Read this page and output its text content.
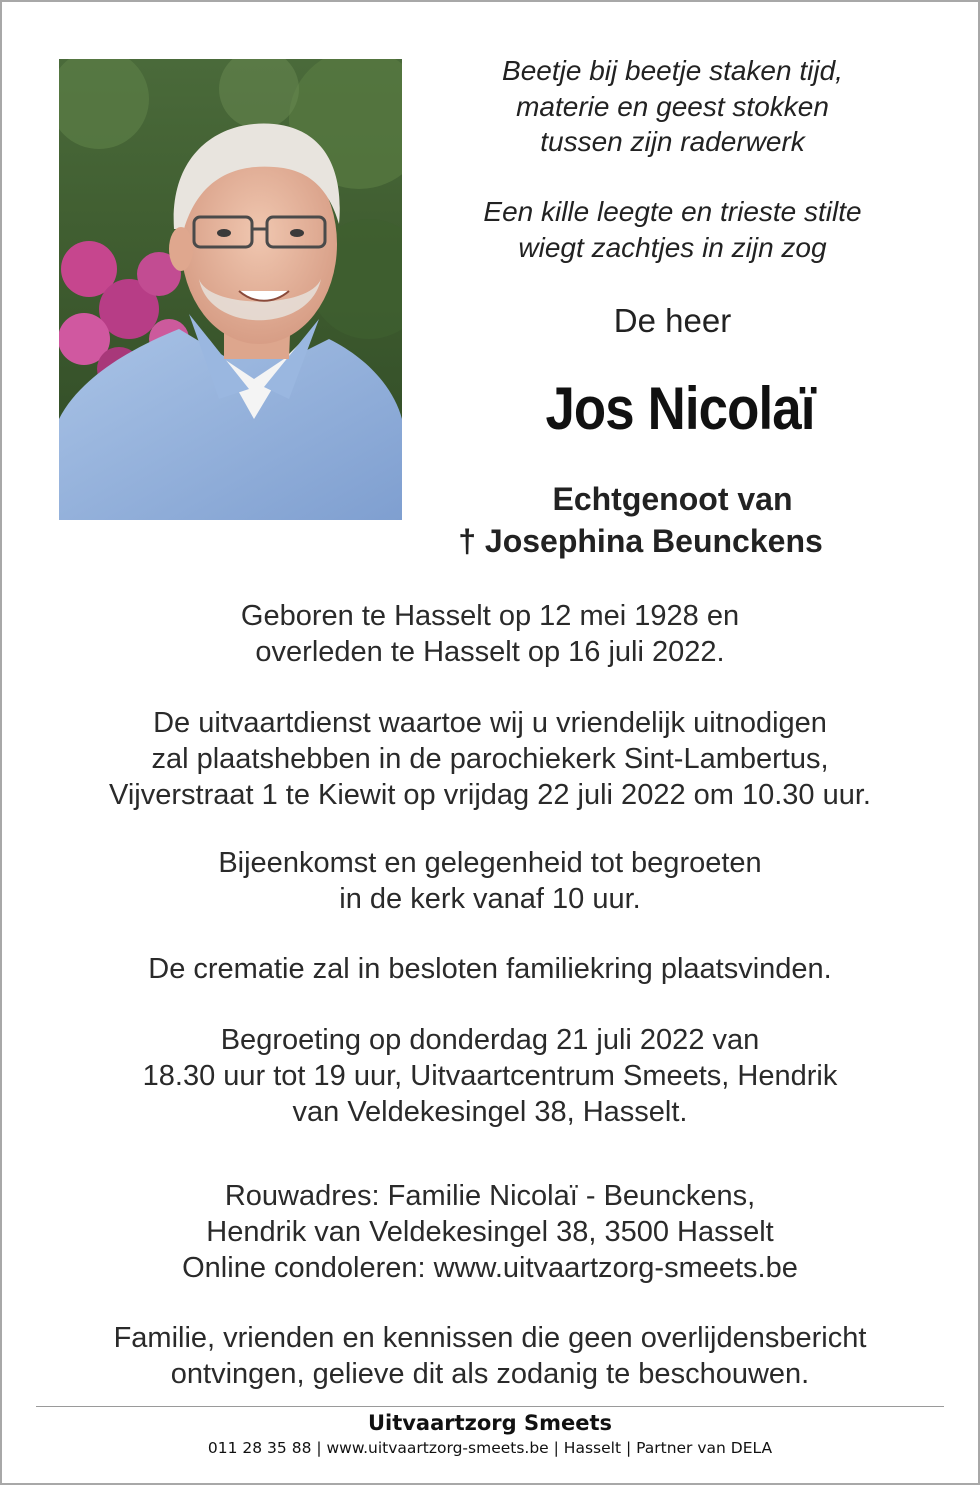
Beetje bij beetje staken tijd,

materie en geest stokken

tussen zijn raderwerk

Een kille leegte en trieste stilte

wiegt zachtjes in zijn zog

De heer
Jos Nicolaï
Echtgenoot van
† Josephina Beunckens

Geboren te Hasselt op 12 mei 1928 en

overleden te Hasselt op 16 juli 2022.

De uitvaartdienst waartoe wij u vriendelijk uitnodigen

zal plaatshebben in de parochiekerk Sint-Lambertus,

Vijverstraat 1 te Kiewit op vrijdag 22 juli 2022 om 10.30 uur.

Bijeenkomst en gelegenheid tot begroeten

in de kerk vanaf 10 uur.

De crematie zal in besloten familiekring plaatsvinden.

Begroeting op donderdag 21 juli 2022 van

18.30 uur tot 19 uur, Uitvaartcentrum Smeets, Hendrik

van Veldekesingel 38, Hasselt.

Rouwadres: Familie Nicolaï - Beunckens,

Hendrik van Veldekesingel 38, 3500 Hasselt

Online condoleren: www.uitvaartzorg-smeets.be

Familie, vrienden en kennissen die geen overlijdensbericht

ontvingen, gelieve dit als zodanig te beschouwen.

Uitvaartzorg Smeets
011 28 35 88 | www.uitvaartzorg-smeets.be | Hasselt | Partner van DELA
